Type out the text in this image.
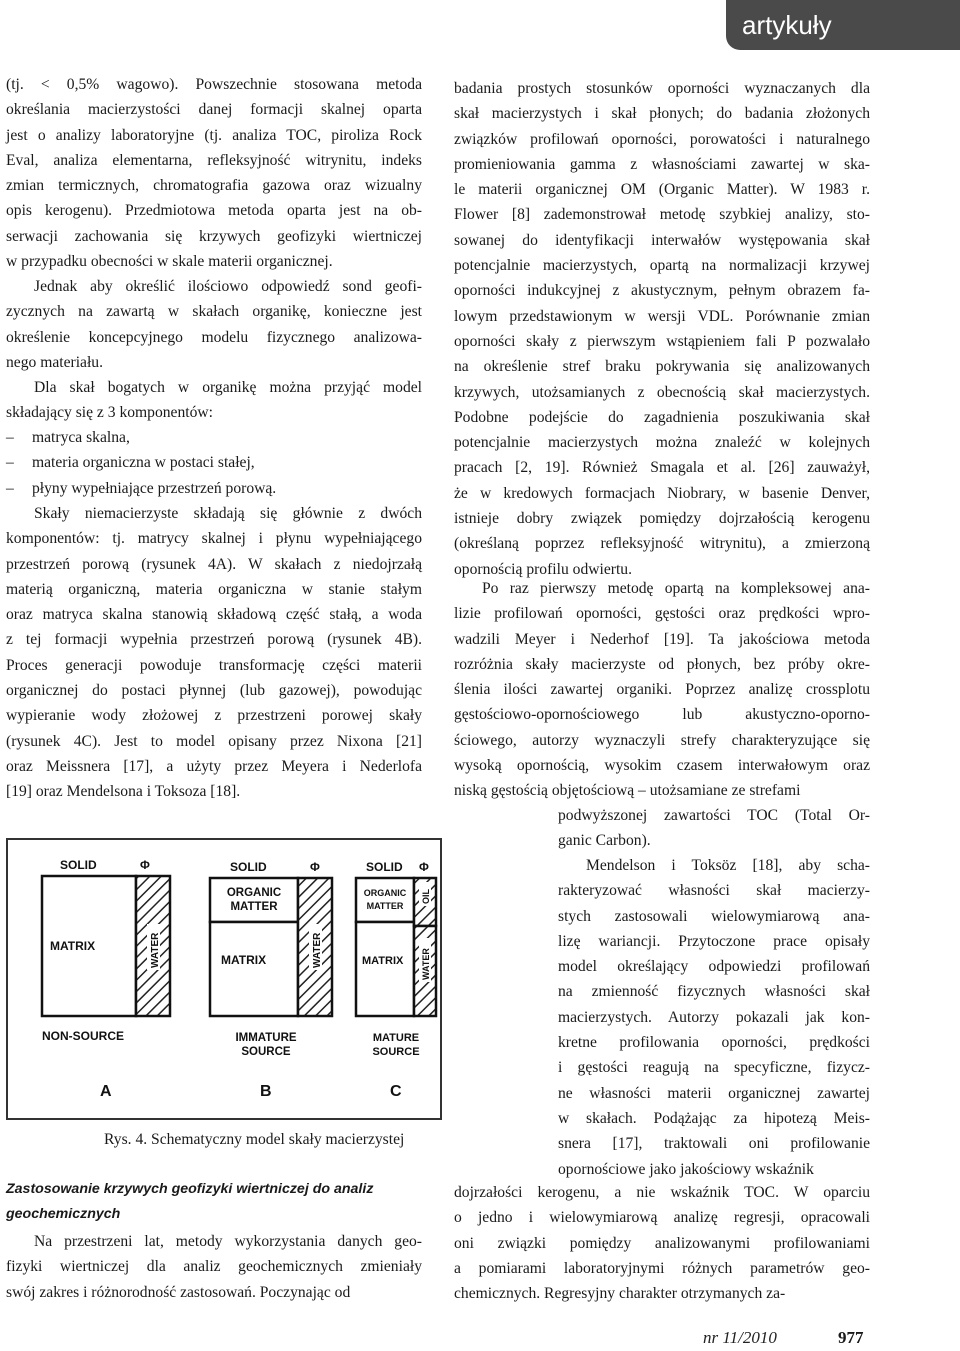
artykuły
(tj. < 0,5% wagowo). Powszechnie stosowana metoda
określania macierzystości danej formacji skalnej oparta
jest o analizy laboratoryjne (tj. analiza TOC, piroliza Rock
Eval, analiza elementarna, refleksyjność witrynitu, indeks
zmian termicznych, chromatografia gazowa oraz wizualny
opis kerogenu). Przedmiotowa metoda oparta jest na ob-
serwacji zachowania się krzywych geofizyki wiertniczej
w przypadku obecności w skale materii organicznej.
Jednak aby określić ilościowo odpowiedź sond geofi-
zycznych na zawartą w skałach organikę, konieczne jest
określenie koncepcyjnego modelu fizycznego analizowa-
nego materiału.
Dla skał bogatych w organikę można przyjąć model
składający się z 3 komponentów:
– matryca skalna,
– materia organiczna w postaci stałej,
– płyny wypełniające przestrzeń porową.
Skały niemacierzyste składają się głównie z dwóch
komponentów: tj. matrycy skalnej i płynu wypełniającego
przestrzeń porową (rysunek 4A). W skałach z niedojrzałą
materią organiczną, materia organiczna w stanie stałym
oraz matryca skalna stanowią składową część stałą, a woda
z tej formacji wypełnia przestrzeń porową (rysunek 4B).
Proces generacji powoduje transformację części materii
organicznej do postaci płynnej (lub gazowej), powodując
wypieranie wody złożowej z przestrzeni porowej skały
(rysunek 4C). Jest to model opisany przez Nixona [21]
oraz Meissnera [17], a użyty przez Meyera i Nederlofa
[19] oraz Mendelsona i Toksoza [18].
Rys. 4. Schematyczny model skały macierzystej
Zastosowanie krzywych geofizyki wiertniczej do analiz geochemicznych
Na przestrzeni lat, metody wykorzystania danych geo-
fizyki wiertniczej dla analiz geochemicznych zmieniały
swój zakres i różnorodność zastosowań. Poczynając od
badania prostych stosunków oporności wyznaczanych dla
skał macierzystych i skał płonych; do badania złożonych
związków profilowań oporności, porowatości i naturalnego
promieniowania gamma z własnościami zawartej w ska-
le materii organicznej OM (Organic Matter). W 1983 r.
Flower [8] zademonstrował metodę szybkiej analizy, sto-
sowanej do identyfikacji interwałów występowania skał
potencjalnie macierzystych, opartą na normalizacji krzywej
oporności indukcyjnej z akustycznym, pełnym obrazem fa-
lowym przedstawionym w wersji VDL. Porównanie zmian
oporności skały z pierwszym wstąpieniem fali P pozwalało
na określenie stref braku pokrywania się analizowanych
krzywych, utożsamianych z obecnością skał macierzystych.
Podobne podejście do zagadnienia poszukiwania skał
potencjalnie macierzystych można znaleźć w kolejnych
pracach [2, 19]. Również Smagala et al. [26] zauważył,
że w kredowych formacjach Niobrary, w basenie Denver,
istnieje dobry związek pomiędzy dojrzałością kerogenu
(określaną poprzez refleksyjność witrynitu), a zmierzoną
opornością profilu odwiertu.
Po raz pierwszy metodę opartą na kompleksowej ana-
lizie profilowań oporności, gęstości oraz prędkości wpro-
wadzili Meyer i Nederhof [19]. Ta jakościowa metoda
rozróżnia skały macierzyste od płonych, bez próby okre-
ślenia ilości zawartej organiki. Poprzez analizę crossplotu
gęstościowo-opornościowego lub akustyczno-oporno-
ściowego, autorzy wyznaczyli strefy charakteryzujące się
wysoką opornością, wysokim czasem interwałowym oraz
niską gęstością objętościową – utożsamiane ze strefami
podwyższonej zawartości TOC (Total Or-
ganic Carbon).
Mendelson i Toksöz [18], aby scha-
rakteryzować własności skał macierzy-
stych zastosowali wielowymiarową ana-
lizę wariancji. Przytoczone prace opisały
model określający odpowiedzi profilowań
na zmienność fizycznych własności skał
macierzystych. Autorzy pokazali jak kon-
kretne profilowania oporności, prędkości
i gęstości reagują na specyficzne, fizycz-
ne własności materii organicznej zawartej
w skałach. Podążając za hipotezą Meis-
snera [17], traktowali oni profilowanie
opornościowe jako jakościowy wskaźnik
dojrzałości kerogenu, a nie wskaźnik TOC. W oparciu
o jedno i wielowymiarową analizę regresji, opracowali
oni związki pomiędzy analizowanymi profilowaniami
a pomiarami laboratoryjnymi różnych parametrów geo-
chemicznych. Regresyjny charakter otrzymanych za-
nr 11/2010	977
SOLID	Φ
MATRIX	WATER
NON-SOURCE
A
SOLID	Φ
ORGANIC MATTER
MATRIX	WATER
IMMATURE SOURCE
B
SOLID Φ
ORGANIC MATTER
MATRIX
OIL
WATER
MATURE SOURCE
C
